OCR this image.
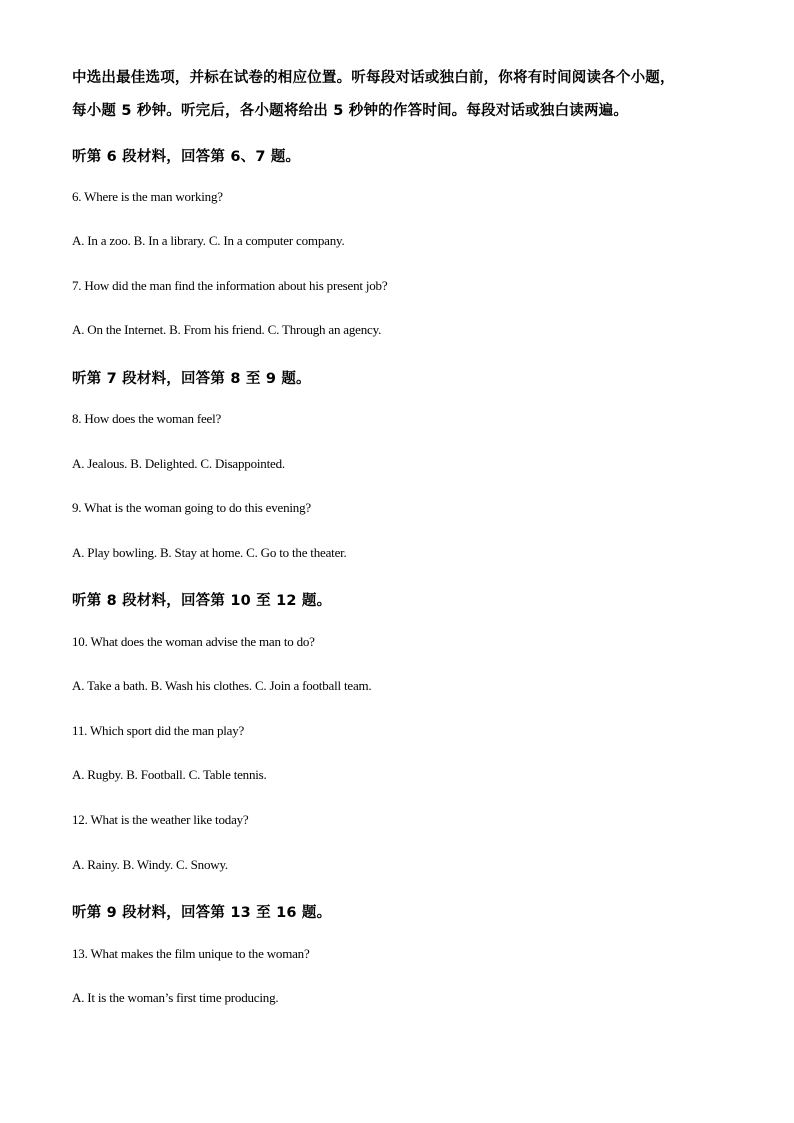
中选出最佳选项，并标在试卷的相应位置。听每段对话或独白前，你将有时间阅读各个小题，
每小题 5 秒钟。听完后，各小题将给出 5 秒钟的作答时间。每段对话或独白读两遍。
听第 6 段材料，回答第 6、7 题。
6. Where is the man working?
A. In a zoo. B. In a library. C. In a computer company.
7. How did the man find the information about his present job?
A. On the Internet. B. From his friend. C. Through an agency.
听第 7 段材料，回答第 8 至 9 题。
8. How does the woman feel?
A. Jealous. B. Delighted. C. Disappointed.
9. What is the woman going to do this evening?
A. Play bowling. B. Stay at home. C. Go to the theater.
听第 8 段材料，回答第 10 至 12 题。
10. What does the woman advise the man to do?
A. Take a bath. B. Wash his clothes. C. Join a football team.
11. Which sport did the man play?
A. Rugby. B. Football. C. Table tennis.
12. What is the weather like today?
A. Rainy. B. Windy. C. Snowy.
听第 9 段材料，回答第 13 至 16 题。
13. What makes the film unique to the woman?
A. It is the woman’s first time producing.
